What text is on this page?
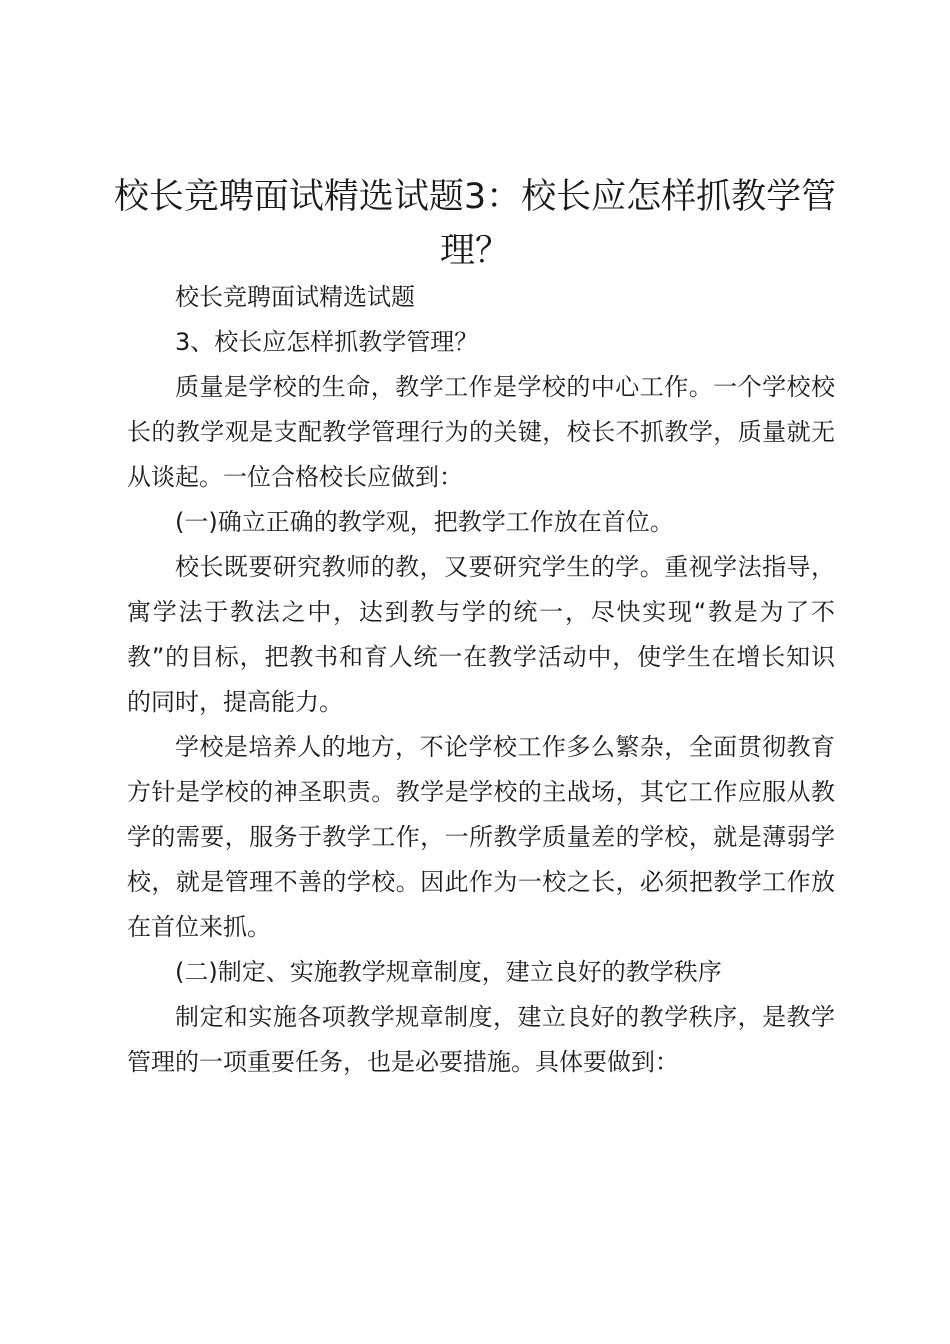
校长竞聘面试精选试题3：校长应怎样抓教学管理？

校长竞聘面试精选试题

3、校长应怎样抓教学管理？

质量是学校的生命，教学工作是学校的中心工作。一个学校校长的教学观是支配教学管理行为的关键，校长不抓教学，质量就无从谈起。一位合格校长应做到：

(一)确立正确的教学观，把教学工作放在首位。

校长既要研究教师的教，又要研究学生的学。重视学法指导，寓学法于教法之中，达到教与学的统一，尽快实现“教是为了不教”的目标，把教书和育人统一在教学活动中，使学生在增长知识的同时，提高能力。

学校是培养人的地方，不论学校工作多么繁杂，全面贯彻教育方针是学校的神圣职责。教学是学校的主战场，其它工作应服从教学的需要，服务于教学工作，一所教学质量差的学校，就是薄弱学校，就是管理不善的学校。因此作为一校之长，必须把教学工作放在首位来抓。

(二)制定、实施教学规章制度，建立良好的教学秩序

制定和实施各项教学规章制度，建立良好的教学秩序，是教学管理的一项重要任务，也是必要措施。具体要做到：
